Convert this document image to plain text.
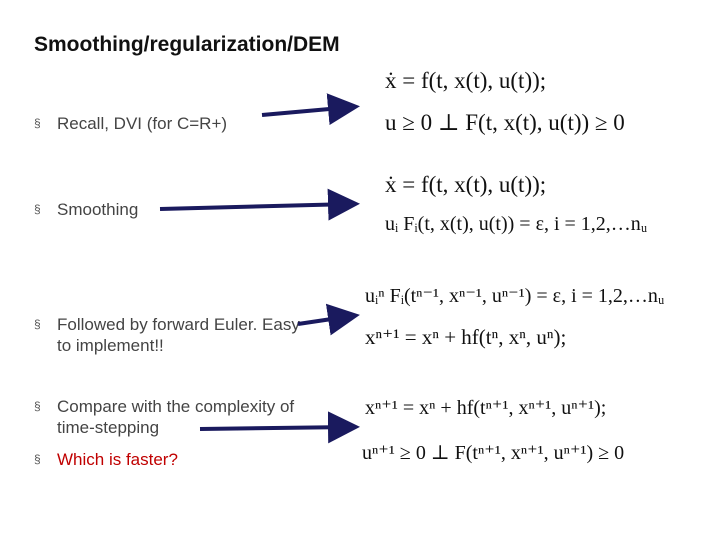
Smoothing/regularization/DEM
§ Recall, DVI (for C=R+)
§ Smoothing
§ Followed by forward Euler. Easy to implement!!
§ Compare with the complexity of time-stepping
§ Which is faster?
ẋ = f(t, x(t), u(t));
u ≥ 0 ⊥ F(t, x(t), u(t)) ≥ 0
ẋ = f(t, x(t), u(t));
uᵢ Fᵢ(t, x(t), u(t)) = ε, i = 1,2,…nᵤ
uᵢⁿ Fᵢ(tⁿ⁻¹, xⁿ⁻¹, uⁿ⁻¹) = ε, i = 1,2,…nᵤ
xⁿ⁺¹ = xⁿ + hf(tⁿ, xⁿ, uⁿ);
xⁿ⁺¹ = xⁿ + hf(tⁿ⁺¹, xⁿ⁺¹, uⁿ⁺¹);
uⁿ⁺¹ ≥ 0 ⊥ F(tⁿ⁺¹, xⁿ⁺¹, uⁿ⁺¹) ≥ 0
